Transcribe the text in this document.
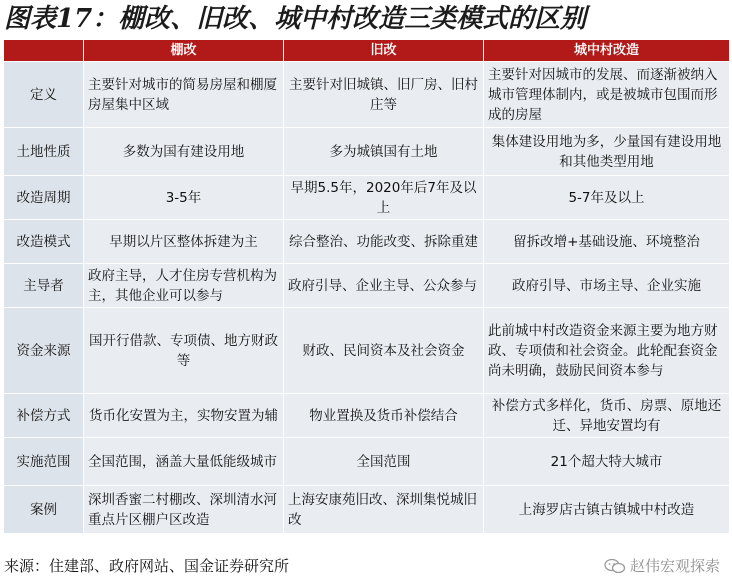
图表17：棚改、旧改、城中村改造三类模式的区别
	棚改	旧改	城中村改造
定义	主要针对城市的简易房屋和棚厦房屋集中区域	主要针对旧城镇、旧厂房、旧村庄等	主要针对因城市的发展、而逐渐被纳入城市管理体制内，或是被城市包围而形成的房屋
土地性质	多数为国有建设用地	多为城镇国有土地	集体建设用地为多，少量国有建设用地和其他类型用地
改造周期	3-5年	早期5.5年，2020年后7年及以上	5-7年及以上
改造模式	早期以片区整体拆建为主	综合整治、功能改变、拆除重建	留拆改增+基础设施、环境整治
主导者	政府主导，人才住房专营机构为主，其他企业可以参与	政府引导、企业主导、公众参与	政府引导、市场主导、企业实施
资金来源	国开行借款、专项债、地方财政等	财政、民间资本及社会资金	此前城中村改造资金来源主要为地方财政、专项债和社会资金。此轮配套资金尚未明确，鼓励民间资本参与
补偿方式	货币化安置为主，实物安置为辅	物业置换及货币补偿结合	补偿方式多样化，货币、房票、原地还迁、异地安置均有
实施范围	全国范围，涵盖大量低能级城市	全国范围	21个超大特大城市
案例	深圳香蜜二村棚改、深圳清水河重点片区棚户区改造	上海安康苑旧改、深圳集悦城旧改	上海罗店古镇古镇城中村改造
来源：住建部、政府网站、国金证券研究所	赵伟宏观探索
